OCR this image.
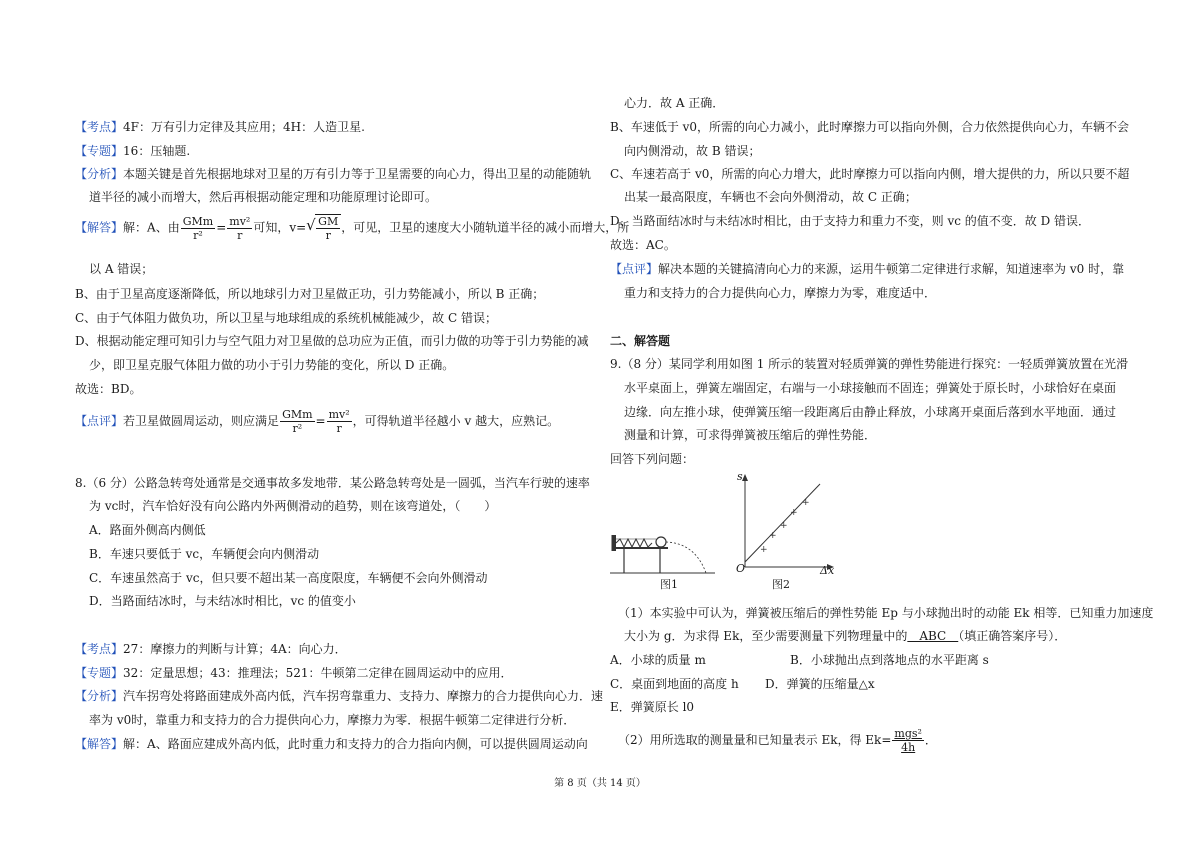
【考点】4F：万有引力定律及其应用；4H：人造卫星.
【专题】16：压轴题.
【分析】本题关键是首先根据地球对卫星的万有引力等于卫星需要的向心力，得出卫星的动能随轨
道半径的减小而增大，然后再根据动能定理和功能原理讨论即可。
【解答】解：A、由 $\frac{\text{GMm}}{\text{r²}} = \frac{\text{mv²}}{r}$ 可知，v= √ $\frac{GM}{r}$ ，可见，卫星的速度大小随轨道半径的减小而增大，所
以 A 错误；
B、由于卫星高度逐渐降低，所以地球引力对卫星做正功，引力势能减小，所以 B 正确；
C、由于气体阻力做负功，所以卫星与地球组成的系统机械能减少，故 C 错误；
D、根据动能定理可知引力与空气阻力对卫星做的总功应为正值，而引力做的功等于引力势能的减
少，即卫星克服气体阻力做的功小于引力势能的变化，所以 D 正确。
故选：BD。
【点评】若卫星做圆周运动，则应满足 $\frac{\text{GMm}}{\text{r²}} = \frac{\text{mv²}}{r}$ ，可得轨道半径越小 v 越大，应熟记。
8.（6 分）公路急转弯处通常是交通事故多发地带．某公路急转弯处是一圆弧，当汽车行驶的速率
为 vc时，汽车恰好没有向公路内外两侧滑动的趋势，则在该弯道处，（　　）
A．路面外侧高内侧低
B．车速只要低于 vc，车辆便会向内侧滑动
C．车速虽然高于 vc，但只要不超出某一高度限度，车辆便不会向外侧滑动
D．当路面结冰时，与未结冰时相比，vc 的值变小
【考点】27：摩擦力的判断与计算；4A：向心力．
【专题】32：定量思想；43：推理法；521：牛顿第二定律在圆周运动中的应用．
【分析】汽车拐弯处将路面建成外高内低，汽车拐弯靠重力、支持力、摩擦力的合力提供向心力．速
率为 v0时，靠重力和支持力的合力提供向心力，摩擦力为零．根据牛顿第二定律进行分析．
【解答】解：A、路面应建成外高内低，此时重力和支持力的合力指向内侧，可以提供圆周运动向
心力．故 A 正确．
B、车速低于 v0，所需的向心力减小，此时摩擦力可以指向外侧，合力依然提供向心力，车辆不会
向内侧滑动，故 B 错误；
C、车速若高于 v0，所需的向心力增大，此时摩擦力可以指向内侧，增大提供的力，所以只要不超
出某一最高限度，车辆也不会向外侧滑动，故 C 正确；
D、当路面结冰时与未结冰时相比，由于支持力和重力不变，则 vc 的值不变．故 D 错误．
故选：AC。
【点评】解决本题的关键搞清向心力的来源，运用牛顿第二定律进行求解，知道速率为 v0 时，靠
重力和支持力的合力提供向心力，摩擦力为零，难度适中．
二、解答题
9.（8 分）某同学利用如图 1 所示的装置对轻质弹簧的弹性势能进行探究：一轻质弹簧放置在光滑
水平桌面上，弹簧左端固定，右端与一小球接触而不固连；弹簧处于原长时，小球恰好在桌面
边缘．向左推小球，使弹簧压缩一段距离后由静止释放，小球离开桌面后落到水平地面．通过
测量和计算，可求得弹簧被压缩后的弹性势能．
回答下列问题：
图1
+
+
+
+
+
s
Δx
O
图2
（1）本实验中可认为，弹簧被压缩后的弹性势能 Ep 与小球抛出时的动能 Ek 相等．已知重力加速度
大小为 g．为求得 Ek，至少需要测量下列物理量中的　ABC　（填正确答案序号）．
A．小球的质量 m	B．小球抛出点到落地点的水平距离 s
C．桌面到地面的高度 h D．弹簧的压缩量△x
E．弹簧原长 l0
（2）用所选取的测量量和已知量表示 Ek，得 $Ek= \frac{\text{mgs²}}{4h}$ ．
第 8 页（共 14 页）
